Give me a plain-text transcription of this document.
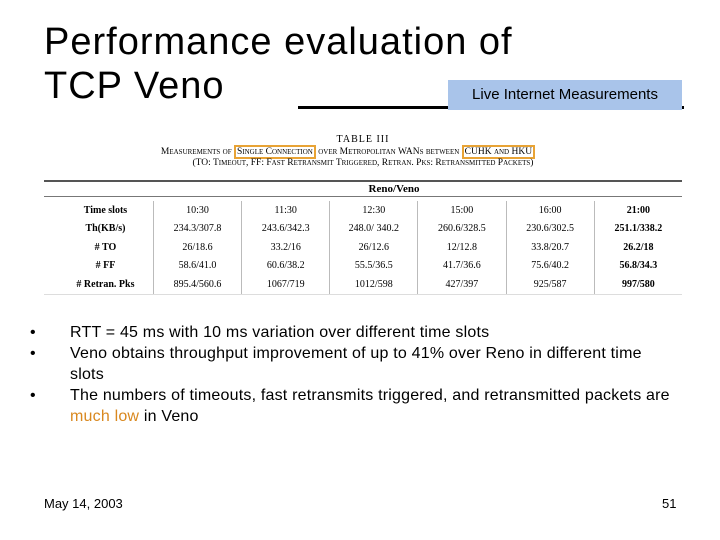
Performance evaluation of
TCP Veno	Live Internet Measurements
TABLE III
Measurements of Single Connection over Metropolitan WANs between CUHK and HKU
(TO: Timeout, FF: Fast Retransmit Triggered, Retran. Pks: Retransmitted Packets)
Reno/Veno
Time slots	10:30	11:30	12:30	15:00	16:00	21:00
Th(KB/s)	234.3/307.8	243.6/342.3	248.0/ 340.2	260.6/328.5	230.6/302.5	251.1/338.2
# TO	26/18.6	33.2/16	26/12.6	12/12.8	33.8/20.7	26.2/18
# FF	58.6/41.0	60.6/38.2	55.5/36.5	41.7/36.6	75.6/40.2	56.8/34.3
# Retran. Pks	895.4/560.6	1067/719	1012/598	427/397	925/587	997/580
•	RTT = 45 ms with 10 ms variation over different time slots
•	Veno obtains throughput improvement of up to 41% over Reno in different time slots
•	The numbers of timeouts, fast retransmits triggered, and retransmitted packets are much low in Veno
May 14, 2003	51
